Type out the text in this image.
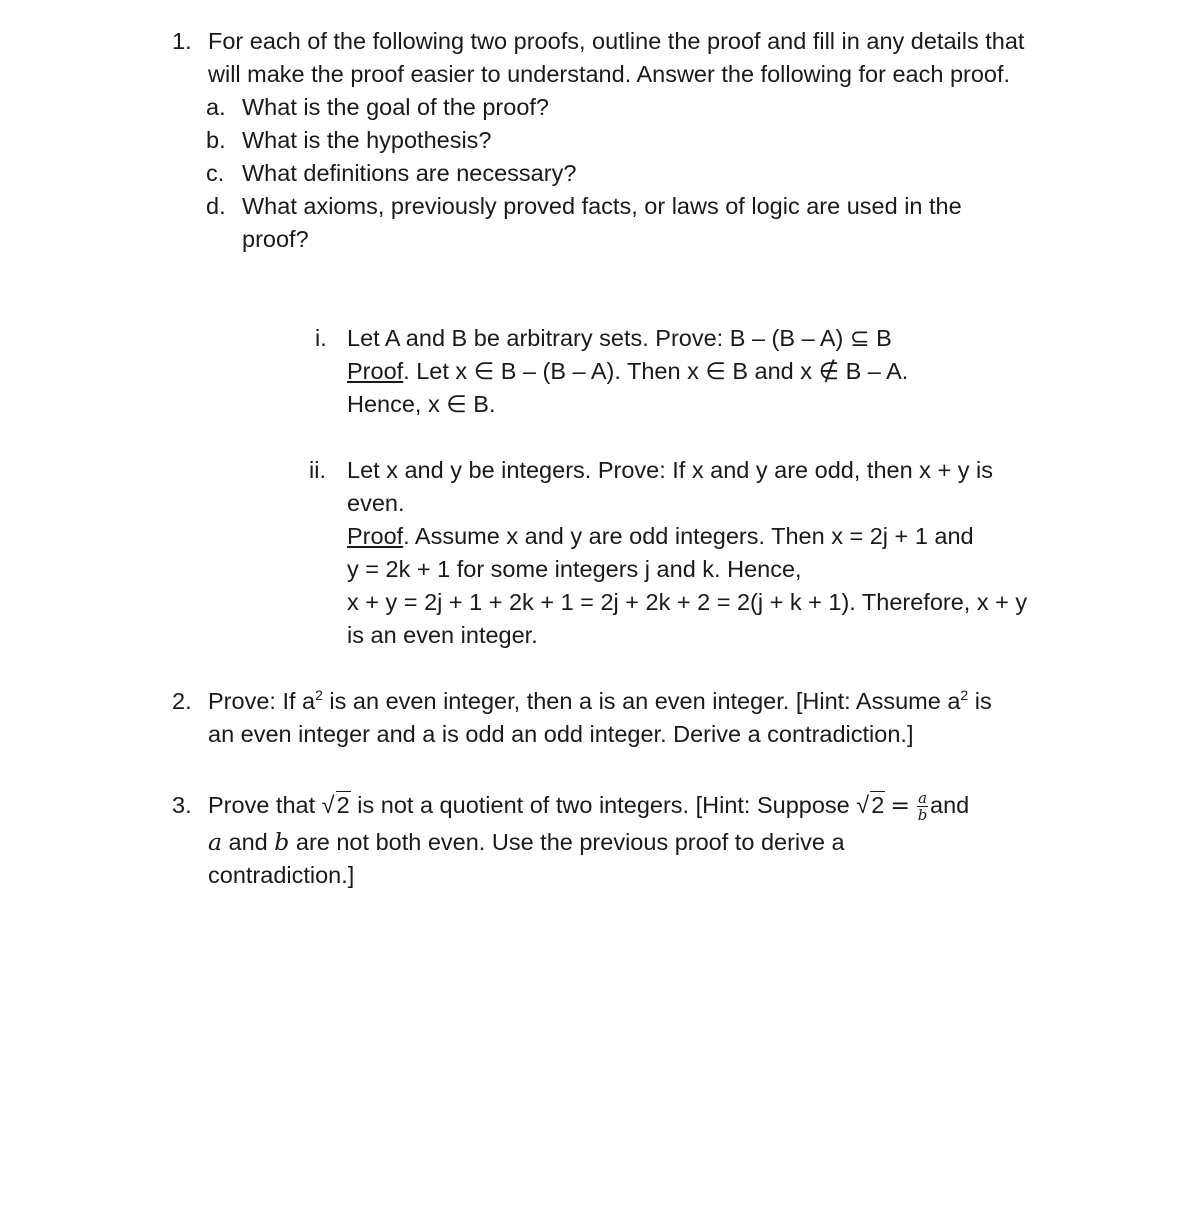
1. For each of the following two proofs, outline the proof and fill in any details that will make the proof easier to understand. Answer the following for each proof.
a. What is the goal of the proof?
b. What is the hypothesis?
c. What definitions are necessary?
d. What axioms, previously proved facts, or laws of logic are used in the proof?
i. Let A and B be arbitrary sets. Prove: B – (B – A) ⊆ B
Proof. Let x ∈ B – (B – A). Then x ∈ B and x ∉ B – A.
Hence, x ∈ B.
ii. Let x and y be integers. Prove: If x and y are odd, then x + y is
even.
Proof. Assume x and y are odd integers. Then x = 2j + 1 and
y = 2k + 1 for some integers j and k. Hence,
x + y = 2j + 1 + 2k + 1 = 2j + 2k + 2 = 2(j + k + 1). Therefore, x + y
is an even integer.
2. Prove: If $a^2$ is an even integer, then a is an even integer. [Hint: Assume $a^2$ is
an even integer and a is odd an odd integer. Derive a contradiction.]
3. Prove that √ 2 is not a quotient of two integers. [Hint: Suppose √ $2 = \frac{a}{b}$ and
a and b are not both even. Use the previous proof to derive a
contradiction.]
